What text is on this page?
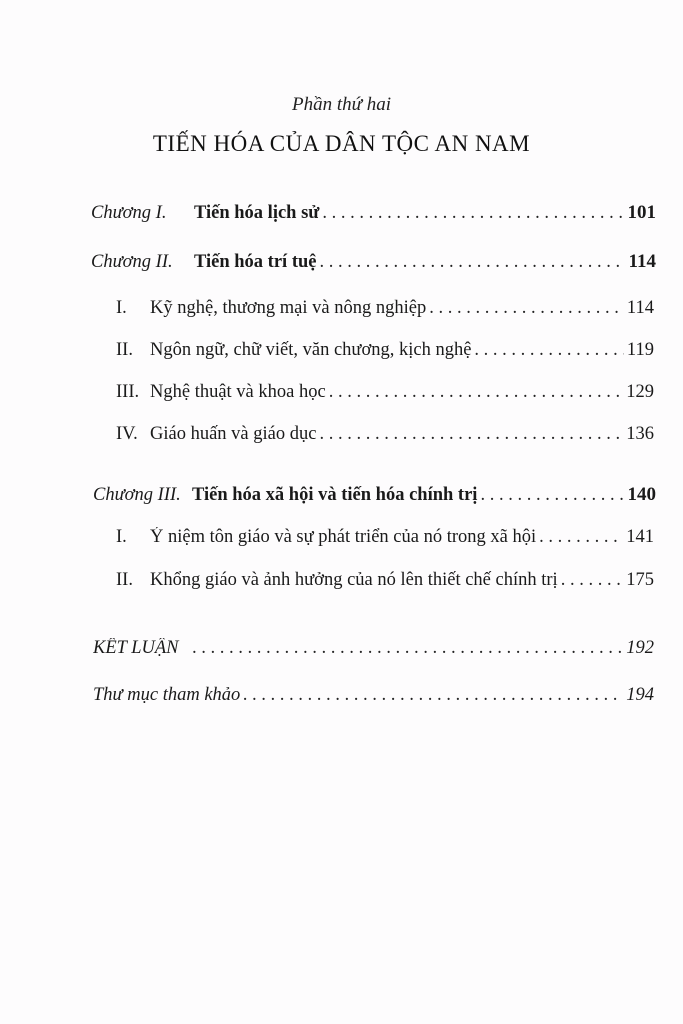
Phần thứ hai
TIẾN HÓA CỦA DÂN TỘC AN NAM
Chương I. Tiến hóa lịch sử . . .	101
Chương II. Tiến hóa trí tuệ . . .	114
I. Kỹ nghệ, thương mại và nông nghiệp . . .	114
II. Ngôn ngữ, chữ viết, văn chương, kịch nghệ . . .	119
III. Nghệ thuật và khoa học . . .	129
IV. Giáo huấn và giáo dục . . .	136
Chương III. Tiến hóa xã hội và tiến hóa chính trị . . .	140
I. Ý niệm tôn giáo và sự phát triển của nó trong xã hội . . .	141
II. Khổng giáo và ảnh hưởng của nó lên thiết chế chính trị . . .	175
KẾT LUẬN . . .	192
Thư mục tham khảo . . .	194
